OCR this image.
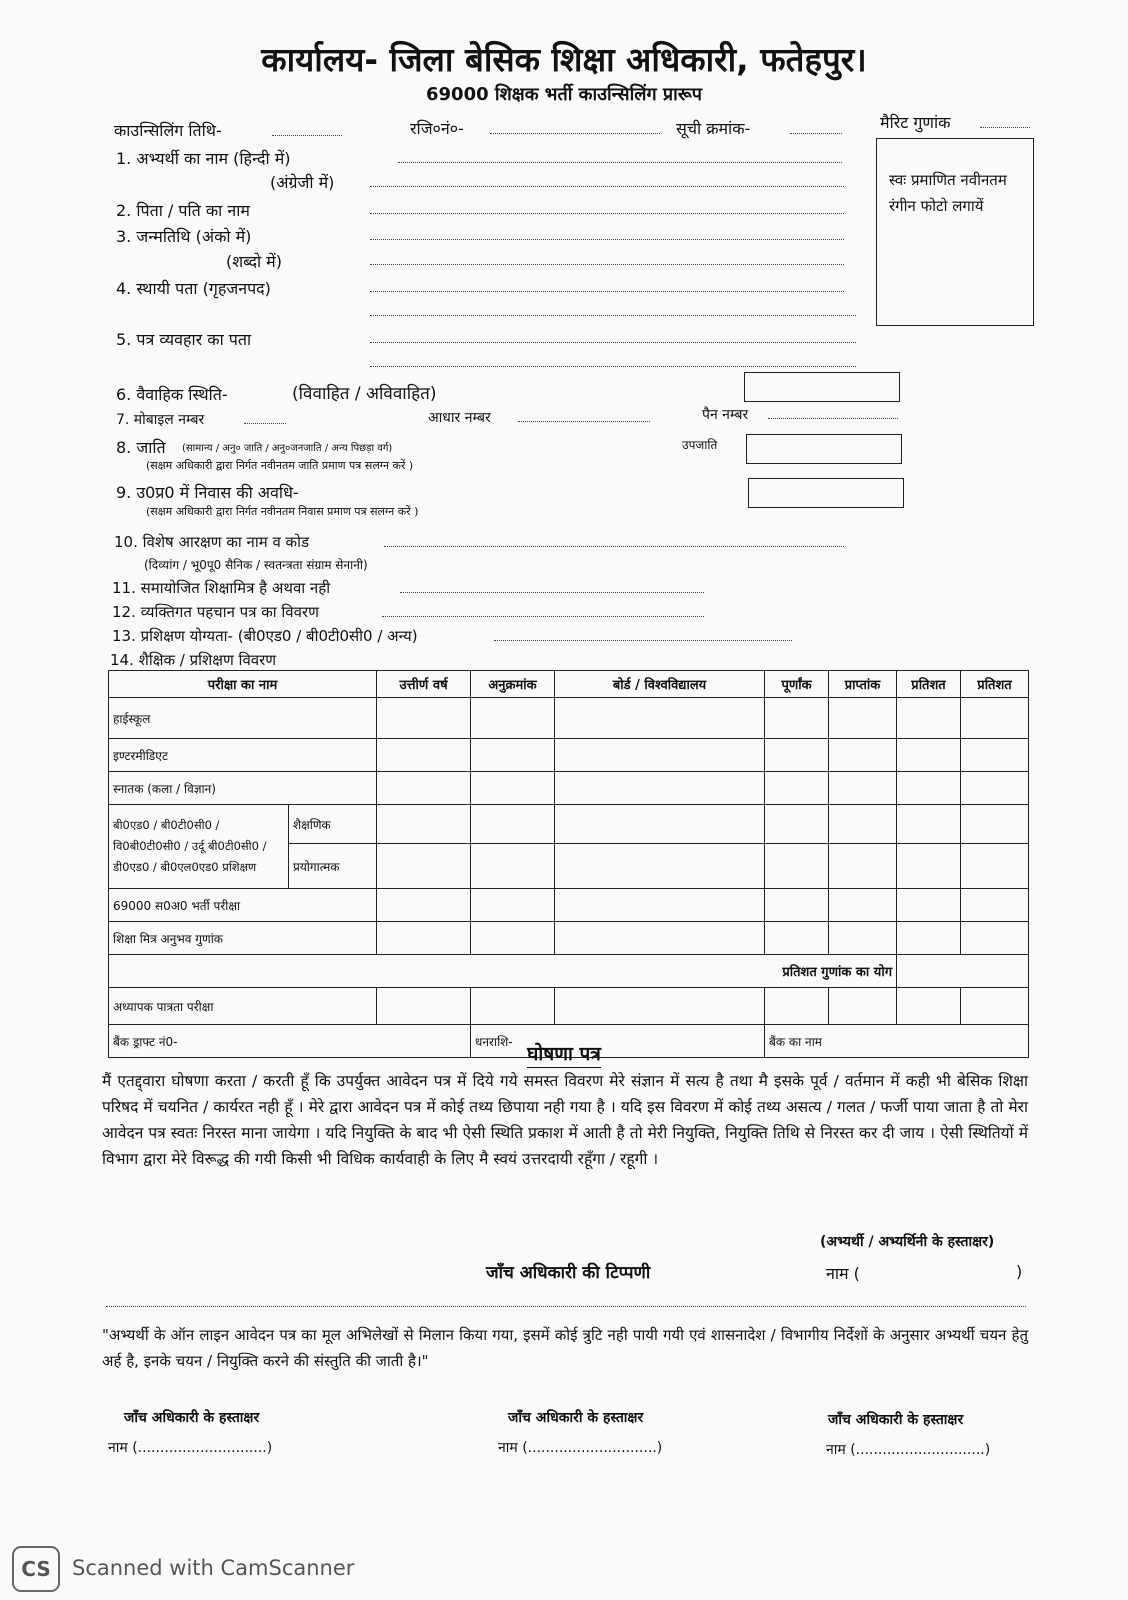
कार्यालय- जिला बेसिक शिक्षा अधिकारी, फतेहपुर।
69000 शिक्षक भर्ती काउन्सिलिंग प्रारूप
काउन्सिलिंग तिथि-	रजि०नं०-	सूची क्रमांक-	मैरिट गुणांक
स्वः प्रमाणित नवीनतम रंगीन फोटो लगायें
1. अभ्यर्थी का नाम (हिन्दी में)
(अंग्रेजी में)
2. पिता / पति का नाम
3. जन्मतिथि (अंको में)
(शब्दो में)
4. स्थायी पता (गृहजनपद)
5. पत्र व्यवहार का पता
6. वैवाहिक स्थिति-	(विवाहित / अविवाहित)
7. मोबाइल नम्बर	आधार नम्बर	पैन नम्बर
8. जाति (सामान्य / अनु० जाति / अनु०जनजाति / अन्य पिछड़ा वर्ग)
(सक्षम अधिकारी द्वारा निर्गत नवीनतम जाति प्रमाण पत्र सलग्न करें )
उपजाति
9. उ0प्र0 में निवास की अवधि-
(सक्षम अधिकारी द्वारा निर्गत नवीनतम निवास प्रमाण पत्र सलग्न करें )
10. विशेष आरक्षण का नाम व कोड
(दिव्यांग / भू0पू0 सैनिक / स्वतन्त्रता संग्राम सेनानी)
11. समायोजित शिक्षामित्र है अथवा नही
12. व्यक्तिगत पहचान पत्र का विवरण
13. प्रशिक्षण योग्यता- (बी0एड0 / बी0टी0सी0 / अन्य)
14. शैक्षिक / प्रशिक्षण विवरण
परीक्षा का नाम		उत्तीर्ण वर्ष	अनुक्रमांक	बोर्ड / विश्वविद्यालय	पूर्णांक	प्राप्तांक	प्रतिशत	प्रतिशत
हाईस्कूल								
इण्टरमीडिएट								
स्नातक (कला / विज्ञान)								
बी0एड0 / बी0टी0सी0 / वि0बी0टी0सी0 / उर्दू बी0टी0सी0 / डी0एड0 / बी0एल0एड0 प्रशिक्षण	शैक्षणिक							
	प्रयोगात्मक							
69000 स0अ0 भर्ती परीक्षा								
शिक्षा मित्र अनुभव गुणांक								
प्रतिशत गुणांक का योग								
अध्यापक पात्रता परीक्षा								
बैंक ड्राफ्ट नं0-			धनराशि-		बैंक का नाम			
घोषणा पत्र
मैं एतद्द्वारा घोषणा करता / करती हूँ कि उपर्युक्त आवेदन पत्र में दिये गये समस्त विवरण मेरे संज्ञान में सत्य है तथा मै इसके पूर्व / वर्तमान में कही भी बेसिक शिक्षा परिषद में चयनित / कार्यरत नही हूँ । मेरे द्वारा आवेदन पत्र में कोई तथ्य छिपाया नही गया है । यदि इस विवरण में कोई तथ्य असत्य / गलत / फर्जी पाया जाता है तो मेरा आवेदन पत्र स्वतः निरस्त माना जायेगा । यदि नियुक्ति के बाद भी ऐसी स्थिति प्रकाश में आती है तो मेरी नियुक्ति, नियुक्ति तिथि से निरस्त कर दी जाय । ऐसी स्थितियों में विभाग द्वारा मेरे विरूद्ध की गयी किसी भी विधिक कार्यवाही के लिए मै स्वयं उत्तरदायी रहूँगा / रहूगी ।
(अभ्यर्थी / अभ्यर्थिनी के हस्ताक्षर)
जाँच अधिकारी की टिप्पणी	नाम (	)
"अभ्यर्थी के ऑन लाइन आवेदन पत्र का मूल अभिलेखों से मिलान किया गया, इसमें कोई त्रुटि नही पायी गयी एवं शासनादेश / विभागीय निर्देशों के अनुसार अभ्यर्थी चयन हेतु अर्ह है, इनके चयन / नियुक्ति करने की संस्तुति की जाती है।"
जाँच अधिकारी के हस्ताक्षर
नाम (.............................)
जाँच अधिकारी के हस्ताक्षर
नाम (.............................)
जाँच अधिकारी के हस्ताक्षर
नाम (.............................)
CS	Scanned with CamScanner
